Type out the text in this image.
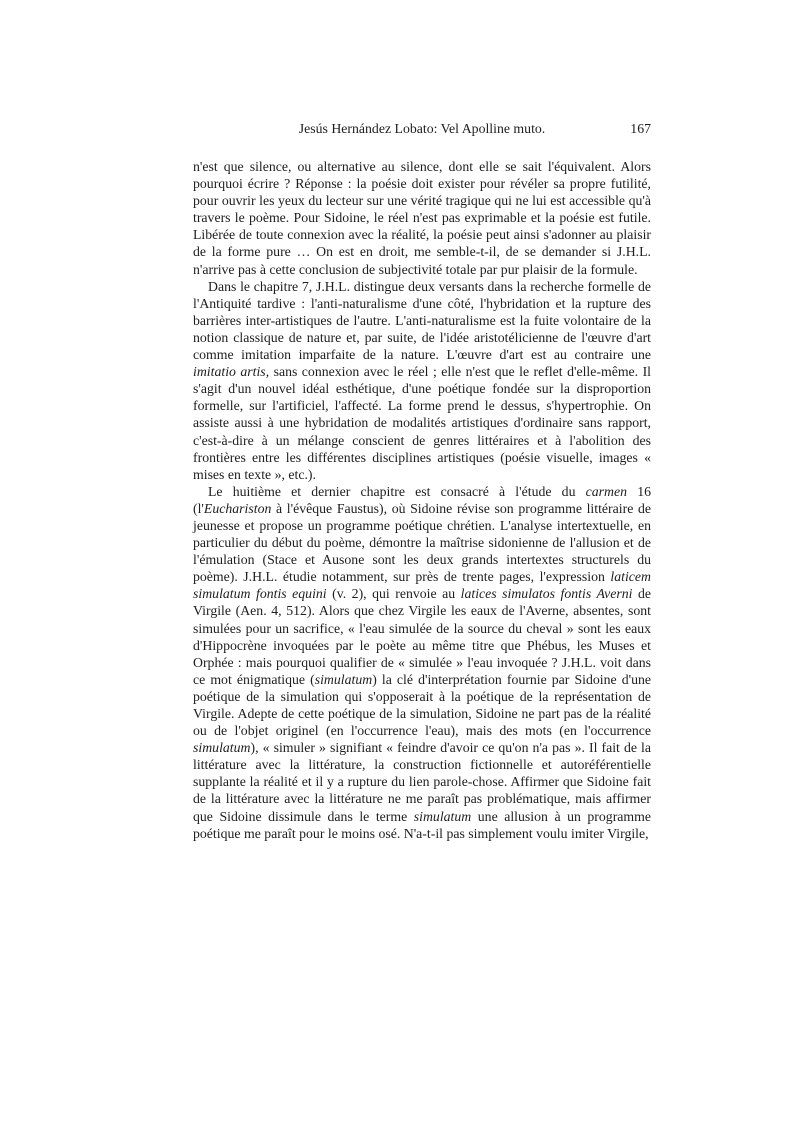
Jesús Hernández Lobato: Vel Apolline muto.	167

n'est que silence, ou alternative au silence, dont elle se sait l'équivalent. Alors pourquoi écrire ? Réponse : la poésie doit exister pour révéler sa propre futilité, pour ouvrir les yeux du lecteur sur une vérité tragique qui ne lui est accessible qu'à travers le poème. Pour Sidoine, le réel n'est pas exprimable et la poésie est futile. Libérée de toute connexion avec la réalité, la poésie peut ainsi s'adonner au plaisir de la forme pure … On est en droit, me semble-t-il, de se demander si J.H.L. n'arrive pas à cette conclusion de subjectivité totale par pur plaisir de la formule.

Dans le chapitre 7, J.H.L. distingue deux versants dans la recherche formelle de l'Antiquité tardive : l'anti-naturalisme d'une côté, l'hybridation et la rupture des barrières inter-artistiques de l'autre. L'anti-naturalisme est la fuite volontaire de la notion classique de nature et, par suite, de l'idée aristotélicienne de l'œuvre d'art comme imitation imparfaite de la nature. L'œuvre d'art est au contraire une imitatio artis, sans connexion avec le réel ; elle n'est que le reflet d'elle-même. Il s'agit d'un nouvel idéal esthétique, d'une poétique fondée sur la disproportion formelle, sur l'artificiel, l'affecté. La forme prend le dessus, s'hypertrophie. On assiste aussi à une hybridation de modalités artistiques d'ordinaire sans rapport, c'est-à-dire à un mélange conscient de genres littéraires et à l'abolition des frontières entre les différentes disciplines artistiques (poésie visuelle, images « mises en texte », etc.).

Le huitième et dernier chapitre est consacré à l'étude du carmen 16 (l'Euchariston à l'évêque Faustus), où Sidoine révise son programme littéraire de jeunesse et propose un programme poétique chrétien. L'analyse intertextuelle, en particulier du début du poème, démontre la maîtrise sidonienne de l'allusion et de l'émulation (Stace et Ausone sont les deux grands intertextes structurels du poème). J.H.L. étudie notamment, sur près de trente pages, l'expression laticem simulatum fontis equini (v. 2), qui renvoie au latices simulatos fontis Averni de Virgile (Aen. 4, 512). Alors que chez Virgile les eaux de l'Averne, absentes, sont simulées pour un sacrifice, « l'eau simulée de la source du cheval » sont les eaux d'Hippocrène invoquées par le poète au même titre que Phébus, les Muses et Orphée : mais pourquoi qualifier de « simulée » l'eau invoquée ? J.H.L. voit dans ce mot énigmatique (simulatum) la clé d'interprétation fournie par Sidoine d'une poétique de la simulation qui s'opposerait à la poétique de la représentation de Virgile. Adepte de cette poétique de la simulation, Sidoine ne part pas de la réalité ou de l'objet originel (en l'occurrence l'eau), mais des mots (en l'occurrence simulatum), « simuler » signifiant « feindre d'avoir ce qu'on n'a pas ». Il fait de la littérature avec la littérature, la construction fictionnelle et autoréférentielle supplante la réalité et il y a rupture du lien parole-chose. Affirmer que Sidoine fait de la littérature avec la littérature ne me paraît pas problématique, mais affirmer que Sidoine dissimule dans le terme simulatum une allusion à un programme poétique me paraît pour le moins osé. N'a-t-il pas simplement voulu imiter Virgile,
